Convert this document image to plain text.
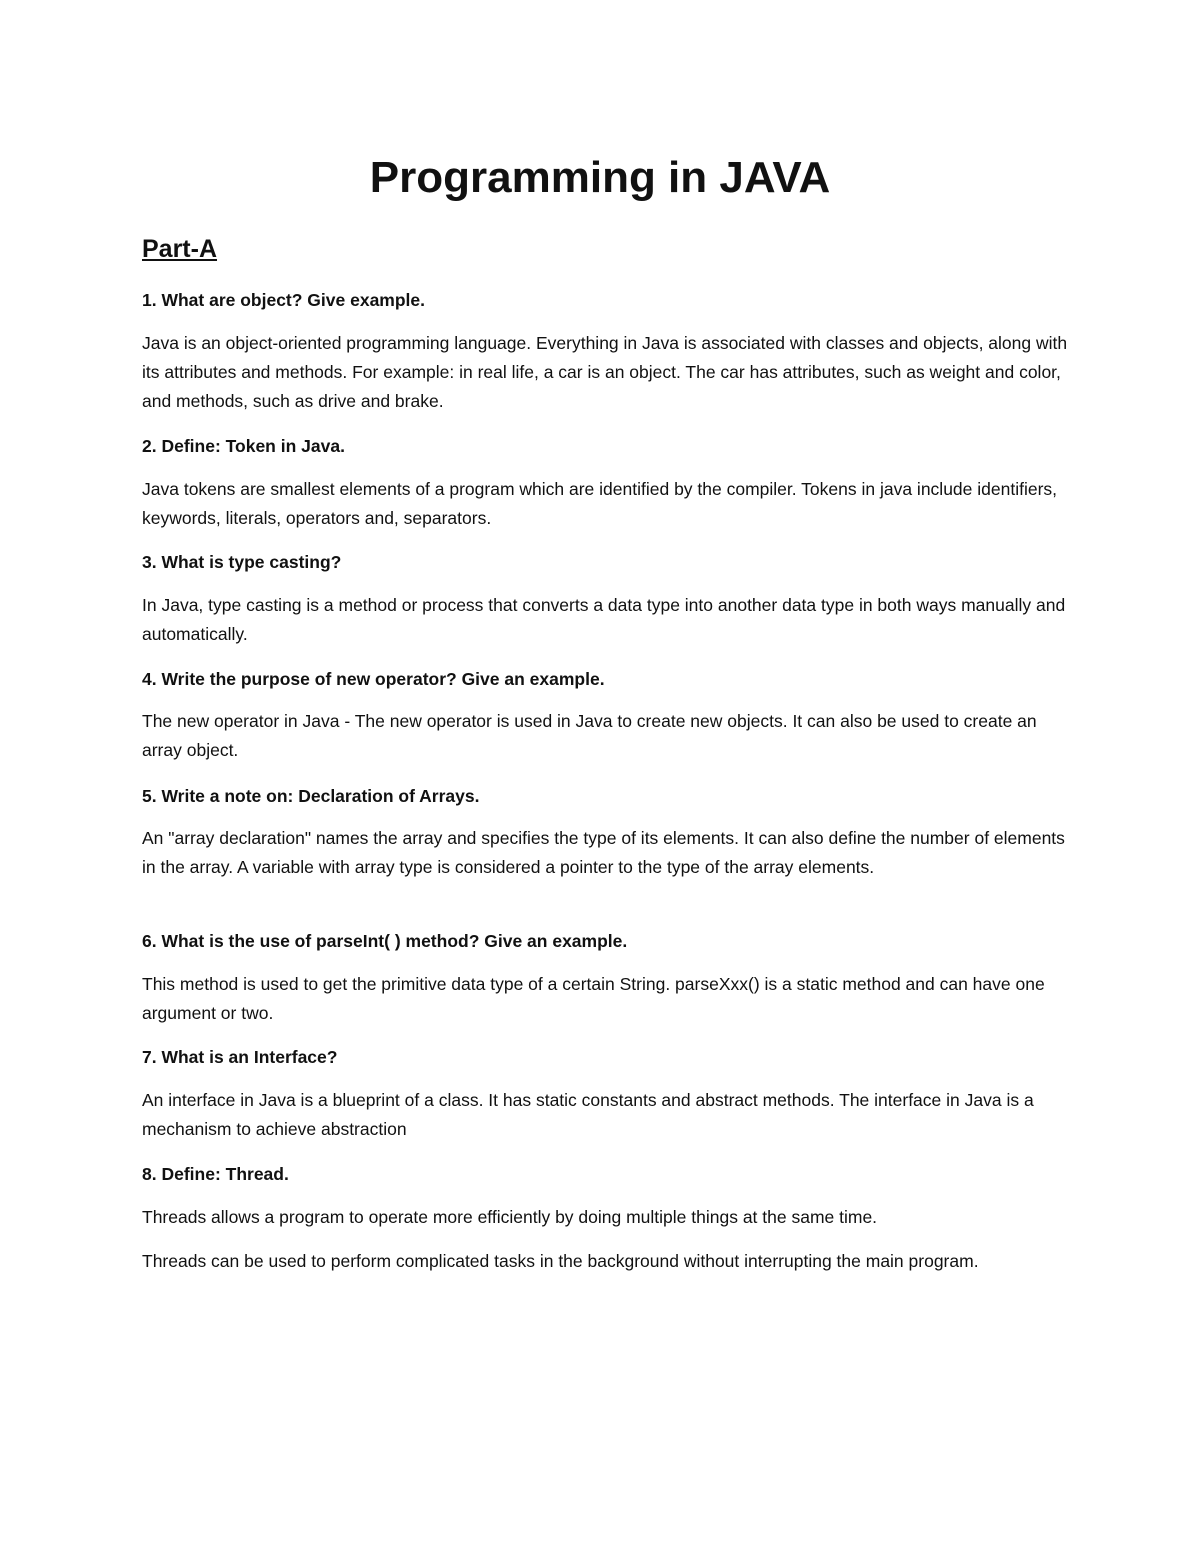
Programming in JAVA
Part-A

1. What are object? Give example.

Java is an object-oriented programming language. Everything in Java is associated with classes and objects, along with its attributes and methods. For example: in real life, a car is an object. The car has attributes, such as weight and color, and methods, such as drive and brake.

2. Define: Token in Java.

Java tokens are smallest elements of a program which are identified by the compiler. Tokens in java include identifiers, keywords, literals, operators and, separators.

3. What is type casting?

In Java, type casting is a method or process that converts a data type into another data type in both ways manually and automatically.

4. Write the purpose of new operator? Give an example.

The new operator in Java - The new operator is used in Java to create new objects. It can also be used to create an array object.

5. Write a note on: Declaration of Arrays.

An "array declaration" names the array and specifies the type of its elements. It can also define the number of elements in the array. A variable with array type is considered a pointer to the type of the array elements.

6. What is the use of parseInt( ) method? Give an example.

This method is used to get the primitive data type of a certain String. parseXxx() is a static method and can have one argument or two.

7. What is an Interface?

An interface in Java is a blueprint of a class. It has static constants and abstract methods. The interface in Java is a mechanism to achieve abstraction

8. Define: Thread.

Threads allows a program to operate more efficiently by doing multiple things at the same time.

Threads can be used to perform complicated tasks in the background without interrupting the main program.
